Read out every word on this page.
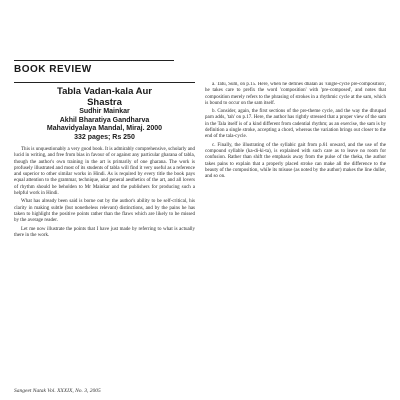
BOOK REVIEW
Tabla Vadan-kala Aur
Shastra
Sudhir Mainkar
Akhil Bharatiya Gandharva
Mahavidyalaya Mandal, Miraj. 2000
332 pages; Rs 250

This is unquestionably a very good book. It is admirably comprehensive, scholarly and lucid in writing, and free from bias in favour of or against any particular gharana of tabla, though the author's own training in the art is primarily of one gharana. The work is profusely illustrated and most of its students of tabla will find it very useful as a reference and superior to other similar works in Hindi. As is required by every title the book pays equal attention to the grammar, technique, and general aesthetics of the art, and all lovers of rhythm should be beholden to Mr Mainkar and the publishers for producing such a helpful work in Hindi.

What has already been said is borne out by the author's ability to be self-critical, his clarity in making subtle (but nonetheless relevant) distinctions, and by the pains he has taken to highlight the positive points rather than the flaws which are likely to be missed by the average reader.

Let me now illustrate the points that I have just made by referring to what is actually there in the work.

a. Tatu, Sum, on p.15. Here, when he defines dhalan as 'single-cycle pre-composition', he takes care to prefix the word 'composition' with 'pre-composed', and notes that composition merely refers to the phrasing of strokes in a rhythmic cycle at the sam, which is bound to occur on the sam itself.

b. Consider, again, the first sections of the pre-theme cycle, and the way the dhrupad parn adds, 'tah' on p.17. Here, the author has rightly stressed that a proper view of the sam in the Tala itself is of a kind different from cadential rhythm; as an exercise, the sam is by definition a single stroke, accepting a chord, whereas the variation brings out closer to the end of the tala-cycle.

c. Finally, the illustrating of the syllabic gait from p.61 onward, and the use of the compound syllable (ka-di-ki-ta), is explained with such care as to leave no room for confusion. Rather than shift the emphasis away from the pulse of the theka, the author takes pains to explain that a properly placed stroke can make all the difference to the beauty of the composition, while its misuse (as noted by the author) makes the line duller, and so on.

Sangeet Natak Vol. XXXIX, No. 3, 2005
